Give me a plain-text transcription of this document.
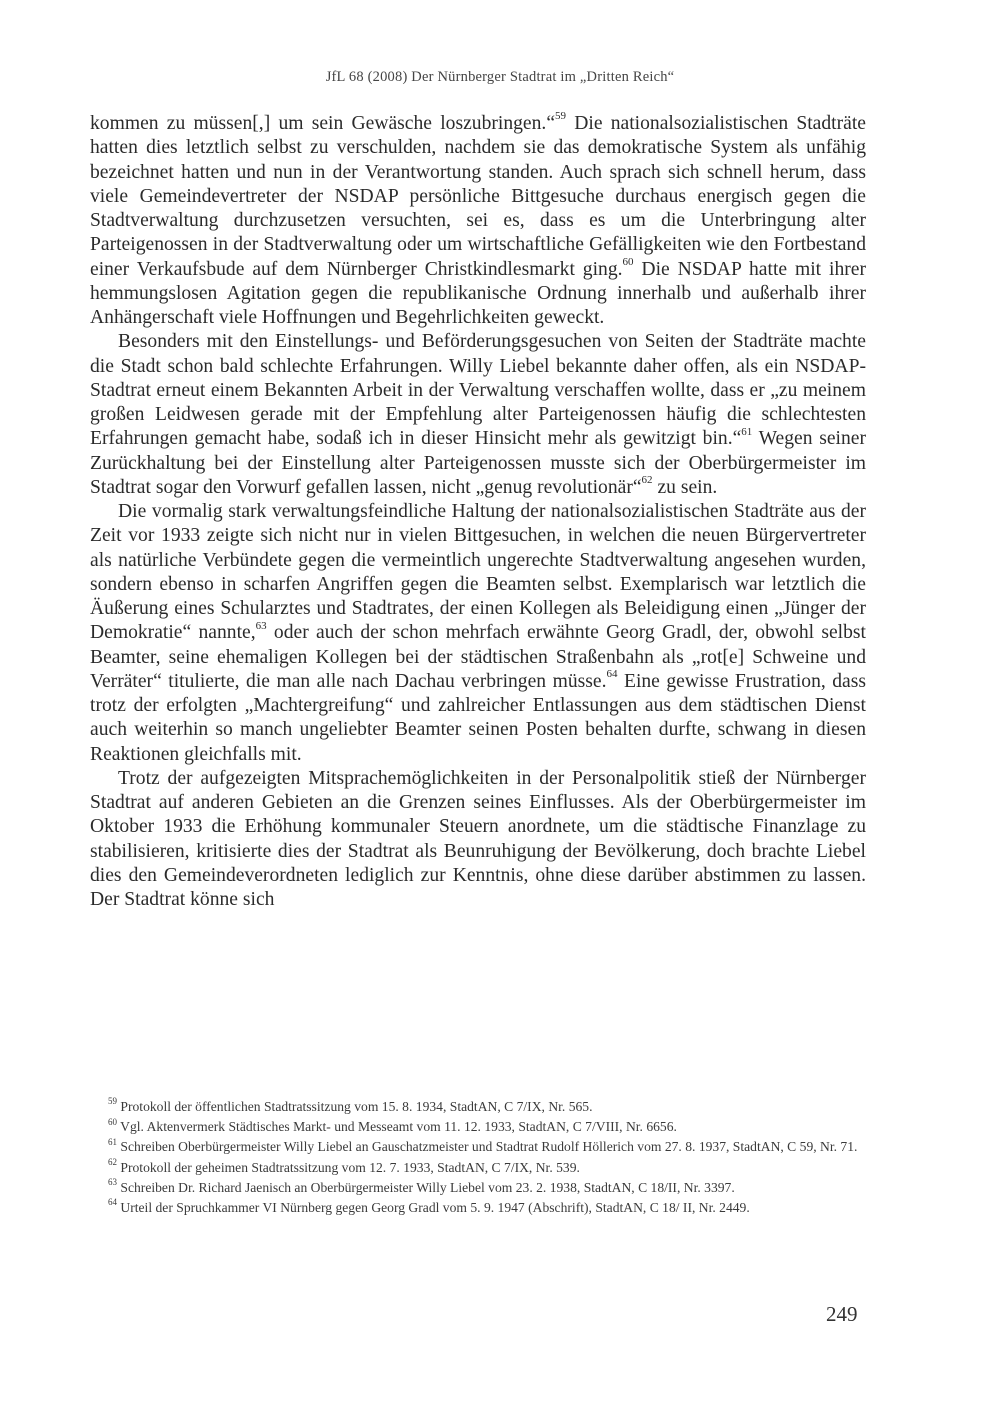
JfL 68 (2008) Der Nürnberger Stadtrat im „Dritten Reich“

kommen zu müssen[,] um sein Gewäsche loszubringen.“$^{59}$ Die nationalsozialistischen Stadträte hatten dies letztlich selbst zu verschulden, nachdem sie das demokratische System als unfähig bezeichnet hatten und nun in der Verantwortung standen. Auch sprach sich schnell herum, dass viele Gemeindevertreter der NSDAP persönliche Bittgesuche durchaus energisch gegen die Stadtverwaltung durchzusetzen versuchten, sei es, dass es um die Unterbringung alter Parteigenossen in der Stadtverwaltung oder um wirtschaftliche Gefälligkeiten wie den Fortbestand einer Verkaufsbude auf dem Nürnberger Christkindlesmarkt ging.$^{60}$ Die NSDAP hatte mit ihrer hemmungslosen Agitation gegen die republikanische Ordnung innerhalb und außerhalb ihrer Anhängerschaft viele Hoffnungen und Begehrlichkeiten geweckt.

Besonders mit den Einstellungs- und Beförderungsgesuchen von Seiten der Stadträte machte die Stadt schon bald schlechte Erfahrungen. Willy Liebel bekannte daher offen, als ein NSDAP-Stadtrat erneut einem Bekannten Arbeit in der Verwaltung verschaffen wollte, dass er „zu meinem großen Leidwesen gerade mit der Empfehlung alter Parteigenossen häufig die schlechtesten Erfahrungen gemacht habe, sodaß ich in dieser Hinsicht mehr als gewitzigt bin.“$^{61}$ Wegen seiner Zurückhaltung bei der Einstellung alter Parteigenossen musste sich der Oberbürgermeister im Stadtrat sogar den Vorwurf gefallen lassen, nicht „genug revolutionär“$^{62}$ zu sein.

Die vormalig stark verwaltungsfeindliche Haltung der nationalsozialistischen Stadträte aus der Zeit vor 1933 zeigte sich nicht nur in vielen Bittgesuchen, in welchen die neuen Bürgervertreter als natürliche Verbündete gegen die vermeintlich ungerechte Stadtverwaltung angesehen wurden, sondern ebenso in scharfen Angriffen gegen die Beamten selbst. Exemplarisch war letztlich die Äußerung eines Schularztes und Stadtrates, der einen Kollegen als Beleidigung einen „Jünger der Demokratie“ nannte,$^{63}$ oder auch der schon mehrfach erwähnte Georg Gradl, der, obwohl selbst Beamter, seine ehemaligen Kollegen bei der städtischen Straßenbahn als „rot[e] Schweine und Verräter“ titulierte, die man alle nach Dachau verbringen müsse.$^{64}$ Eine gewisse Frustration, dass trotz der erfolgten „Machtergreifung“ und zahlreicher Entlassungen aus dem städtischen Dienst auch weiterhin so manch ungeliebter Beamter seinen Posten behalten durfte, schwang in diesen Reaktionen gleichfalls mit.

Trotz der aufgezeigten Mitsprachemöglichkeiten in der Personalpolitik stieß der Nürnberger Stadtrat auf anderen Gebieten an die Grenzen seines Einflusses. Als der Oberbürgermeister im Oktober 1933 die Erhöhung kommunaler Steuern anordnete, um die städtische Finanzlage zu stabilisieren, kritisierte dies der Stadtrat als Beunruhigung der Bevölkerung, doch brachte Liebel dies den Gemeindeverordneten lediglich zur Kenntnis, ohne diese darüber abstimmen zu lassen. Der Stadtrat könne sich

$^{59}$ Protokoll der öffentlichen Stadtratssitzung vom 15. 8. 1934, StadtAN, C 7/IX, Nr. 565.

$^{60}$ Vgl. Aktenvermerk Städtisches Markt- und Messeamt vom 11. 12. 1933, StadtAN, C 7/VIII, Nr. 6656.

$^{61}$ Schreiben Oberbürgermeister Willy Liebel an Gauschatzmeister und Stadtrat Rudolf Höllerich vom 27. 8. 1937, StadtAN, C 59, Nr. 71.

$^{62}$ Protokoll der geheimen Stadtratssitzung vom 12. 7. 1933, StadtAN, C 7/IX, Nr. 539.

$^{63}$ Schreiben Dr. Richard Jaenisch an Oberbürgermeister Willy Liebel vom 23. 2. 1938, StadtAN, C 18/II, Nr. 3397.

$^{64}$ Urteil der Spruchkammer VI Nürnberg gegen Georg Gradl vom 5. 9. 1947 (Abschrift), StadtAN, C 18/ II, Nr. 2449.

249
